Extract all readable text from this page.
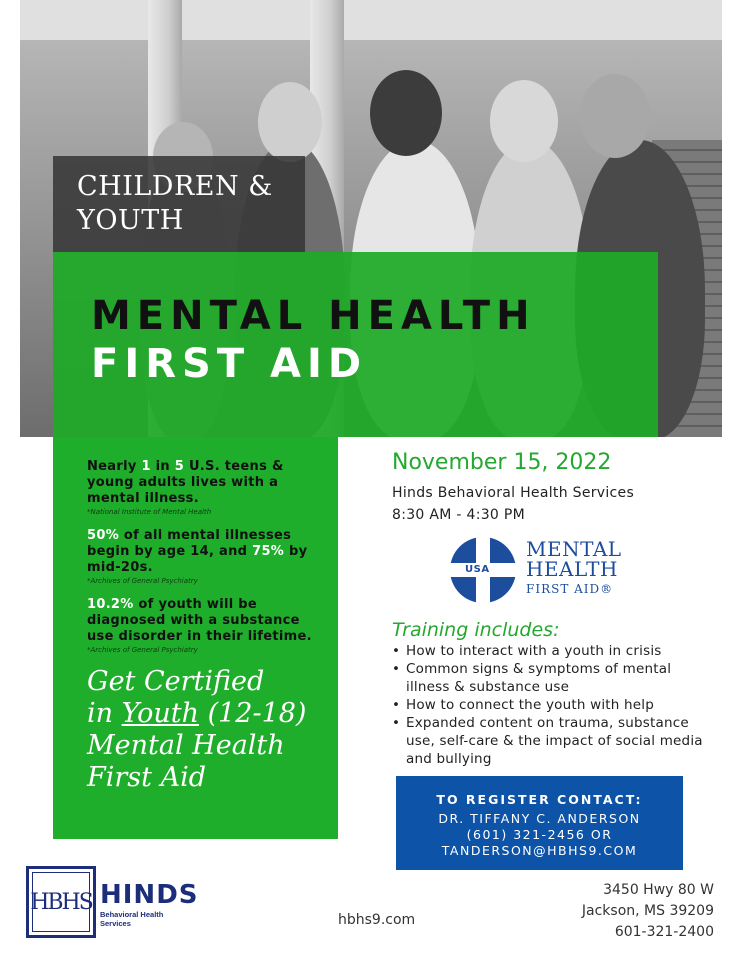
CHILDREN &
YOUTH
MENTAL HEALTH
FIRST AID
Nearly 1 in 5 U.S. teens & young adults lives with a mental illness.
*National Institute of Mental Health
50% of all mental illnesses begin by age 14, and 75% by mid-20s.
*Archives of General Psychiatry
10.2% of youth will be diagnosed with a substance use disorder in their lifetime.
*Archives of General Psychiatry
Get Certified
in Youth (12-18)
Mental Health
First Aid
November 15, 2022
Hinds Behavioral Health Services
8:30 AM - 4:30 PM
USA
MENTAL
HEALTH
FIRST AID®
Training includes:
• How to interact with a youth in crisis
• Common signs & symptoms of mental illness & substance use
• How to connect the youth with help
• Expanded content on trauma, substance use, self-care & the impact of social media and bullying
TO REGISTER CONTACT:
DR. TIFFANY C. ANDERSON
(601) 321-2456 OR
TANDERSON@HBHS9.COM
HBHS HINDS
Behavioral Health Services	hbhs9.com
3450 Hwy 80 W
Jackson, MS 39209
601-321-2400
